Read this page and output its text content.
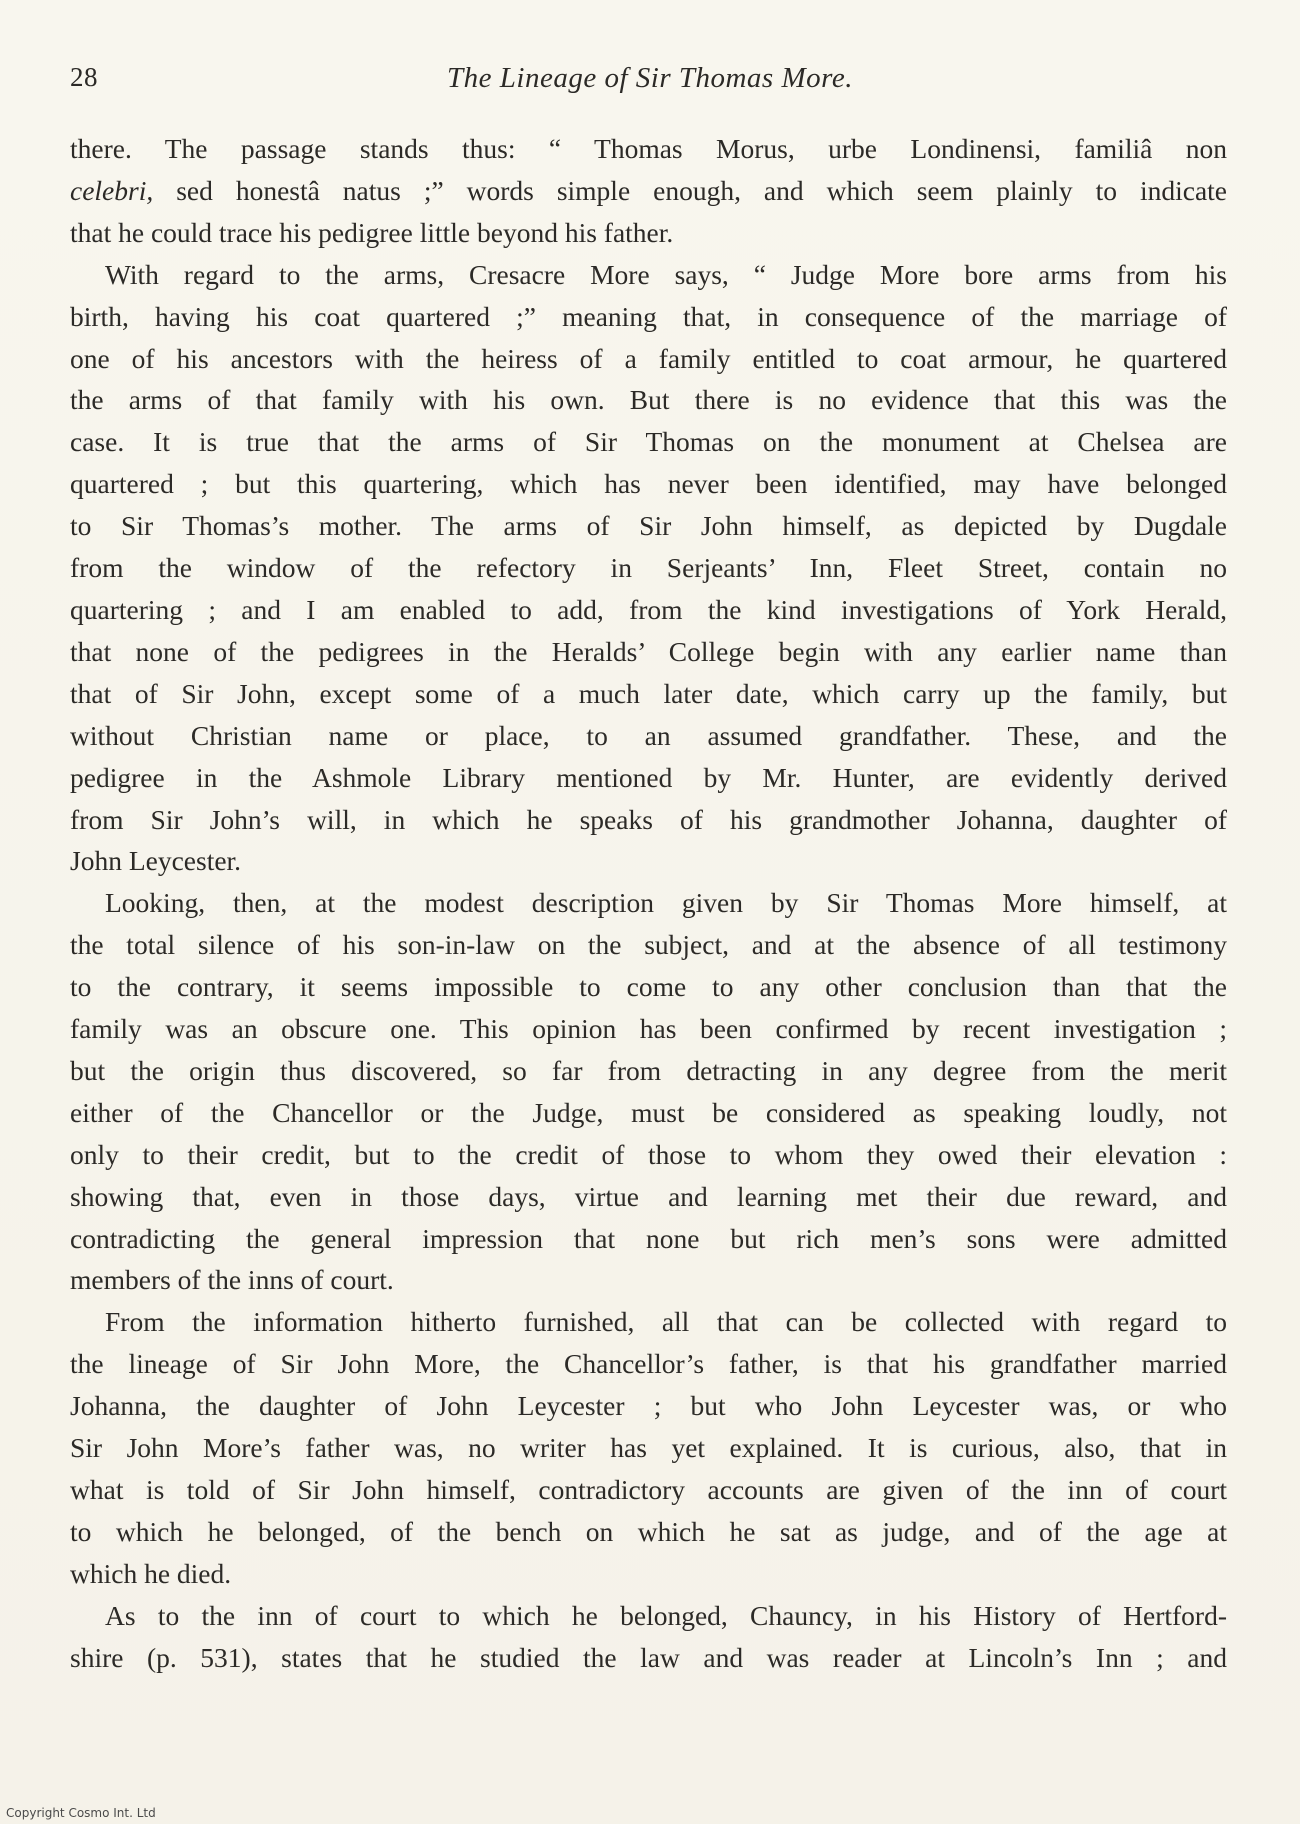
28	The Lineage of Sir Thomas More.

there. The passage stands thus: “ Thomas Morus, urbe Londinensi, familiâ non
celebri, sed honestâ natus ;” words simple enough, and which seem plainly to indicate
that he could trace his pedigree little beyond his father.

With regard to the arms, Cresacre More says, “ Judge More bore arms from his
birth, having his coat quartered ;” meaning that, in consequence of the marriage of
one of his ancestors with the heiress of a family entitled to coat armour, he quartered
the arms of that family with his own. But there is no evidence that this was the
case. It is true that the arms of Sir Thomas on the monument at Chelsea are
quartered ; but this quartering, which has never been identified, may have belonged
to Sir Thomas’s mother. The arms of Sir John himself, as depicted by Dugdale
from the window of the refectory in Serjeants’ Inn, Fleet Street, contain no
quartering ; and I am enabled to add, from the kind investigations of York Herald,
that none of the pedigrees in the Heralds’ College begin with any earlier name than
that of Sir John, except some of a much later date, which carry up the family, but
without Christian name or place, to an assumed grandfather. These, and the
pedigree in the Ashmole Library mentioned by Mr. Hunter, are evidently derived
from Sir John’s will, in which he speaks of his grandmother Johanna, daughter of
John Leycester.

Looking, then, at the modest description given by Sir Thomas More himself, at
the total silence of his son-in-law on the subject, and at the absence of all testimony
to the contrary, it seems impossible to come to any other conclusion than that the
family was an obscure one. This opinion has been confirmed by recent investigation ;
but the origin thus discovered, so far from detracting in any degree from the merit
either of the Chancellor or the Judge, must be considered as speaking loudly, not
only to their credit, but to the credit of those to whom they owed their elevation :
showing that, even in those days, virtue and learning met their due reward, and
contradicting the general impression that none but rich men’s sons were admitted
members of the inns of court.

From the information hitherto furnished, all that can be collected with regard to
the lineage of Sir John More, the Chancellor’s father, is that his grandfather married
Johanna, the daughter of John Leycester ; but who John Leycester was, or who
Sir John More’s father was, no writer has yet explained. It is curious, also, that in
what is told of Sir John himself, contradictory accounts are given of the inn of court
to which he belonged, of the bench on which he sat as judge, and of the age at
which he died.

As to the inn of court to which he belonged, Chauncy, in his History of Hertford-
shire (p. 531), states that he studied the law and was reader at Lincoln’s Inn ; and

Copyright Cosmo Int. Ltd
